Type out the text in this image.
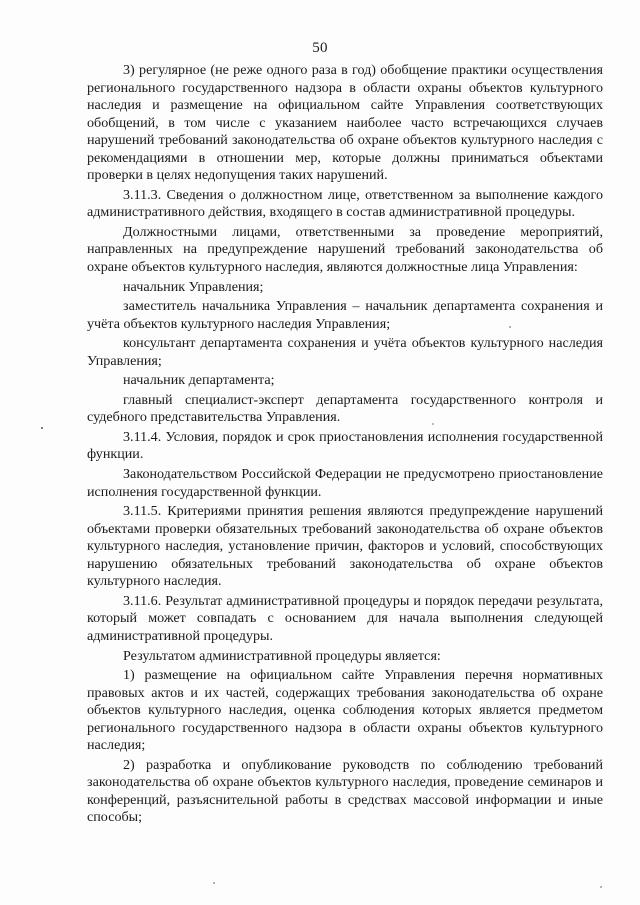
50

3) регулярное (не реже одного раза в год) обобщение практики осуществления регионального государственного надзора в области охраны объектов культурного наследия и размещение на официальном сайте Управления соответствующих обобщений, в том числе с указанием наиболее часто встречающихся случаев нарушений требований законодательства об охране объектов культурного наследия с рекомендациями в отношении мер, которые должны приниматься объектами проверки в целях недопущения таких нарушений.

3.11.3. Сведения о должностном лице, ответственном за выполнение каждого административного действия, входящего в состав административной процедуры.

Должностными лицами, ответственными за проведение мероприятий, направленных на предупреждение нарушений требований законодательства об охране объектов культурного наследия, являются должностные лица Управления:

начальник Управления;

заместитель начальника Управления – начальник департамента сохранения и учёта объектов культурного наследия Управления;

консультант департамента сохранения и учёта объектов культурного наследия Управления;

начальник департамента;

главный специалист-эксперт департамента государственного контроля и судебного представительства Управления.

3.11.4. Условия, порядок и срок приостановления исполнения государственной функции.

Законодательством Российской Федерации не предусмотрено приостановление исполнения государственной функции.

3.11.5. Критериями принятия решения являются предупреждение нарушений объектами проверки обязательных требований законодательства об охране объектов культурного наследия, установление причин, факторов и условий, способствующих нарушению обязательных требований законодательства об охране объектов культурного наследия.

3.11.6. Результат административной процедуры и порядок передачи результата, который может совпадать с основанием для начала выполнения следующей административной процедуры.

Результатом административной процедуры является:

1) размещение на официальном сайте Управления перечня нормативных правовых актов и их частей, содержащих требования законодательства об охране объектов культурного наследия, оценка соблюдения которых является предметом регионального государственного надзора в области охраны объектов культурного наследия;

2) разработка и опубликование руководств по соблюдению требований законодательства об охране объектов культурного наследия, проведение семинаров и конференций, разъяснительной работы в средствах массовой информации и иные способы;
